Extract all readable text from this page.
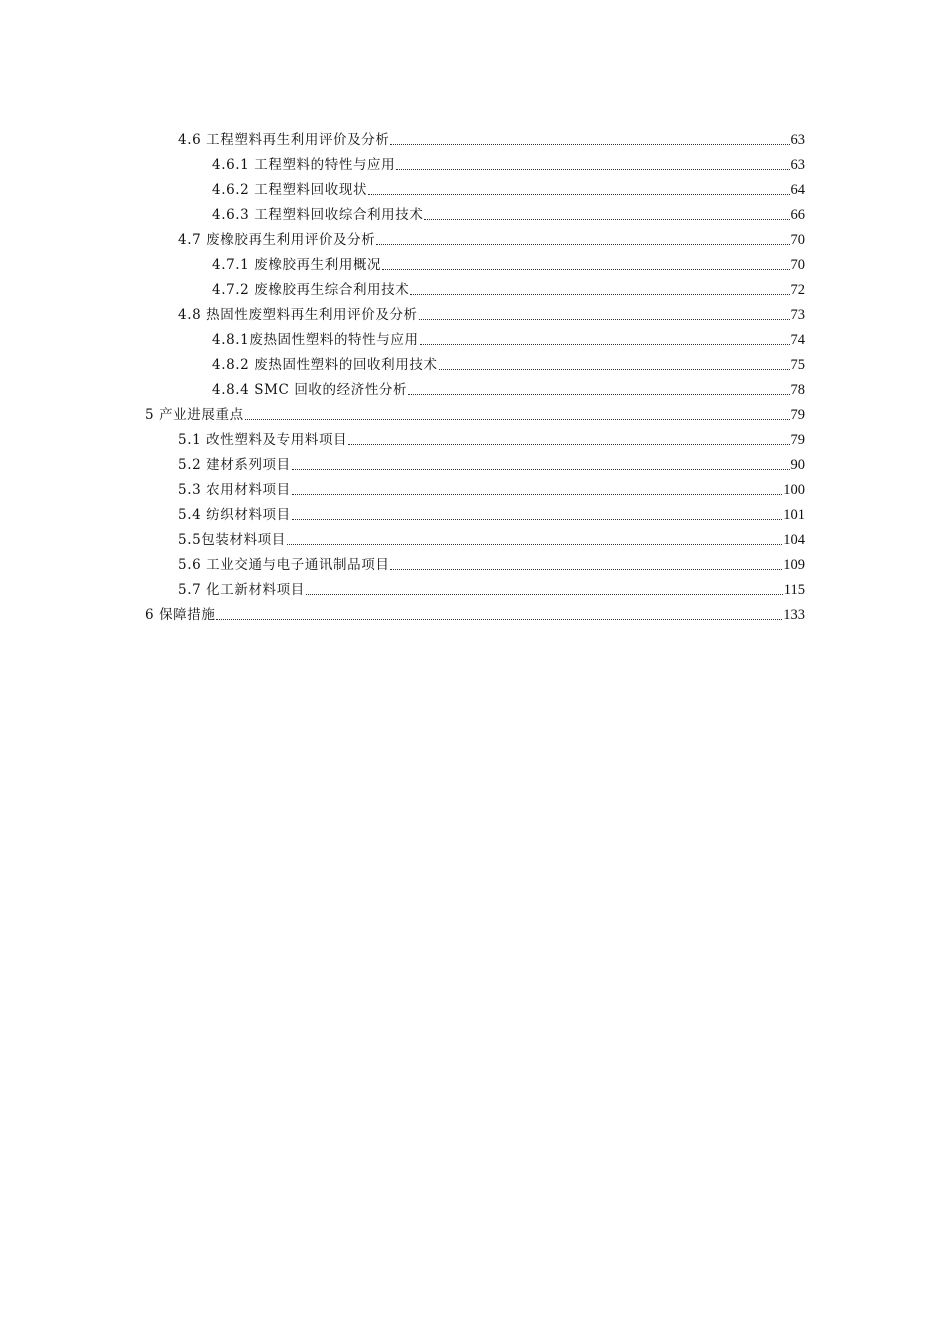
4.6 工程塑料再生利用评价及分析	63
4.6.1 工程塑料的特性与应用	63
4.6.2 工程塑料回收现状	64
4.6.3 工程塑料回收综合利用技术	66
4.7 废橡胶再生利用评价及分析	70
4.7.1 废橡胶再生利用概况	70
4.7.2 废橡胶再生综合利用技术	72
4.8 热固性废塑料再生利用评价及分析	73
4.8.1废热固性塑料的特性与应用	74
4.8.2 废热固性塑料的回收利用技术	75
4.8.4 SMC 回收的经济性分析	78
5 产业进展重点	79
5.1 改性塑料及专用料项目	79
5.2 建材系列项目	90
5.3 农用材料项目	100
5.4 纺织材料项目	101
5.5包装材料项目	104
5.6 工业交通与电子通讯制品项目	109
5.7 化工新材料项目	115
6 保障措施	133
